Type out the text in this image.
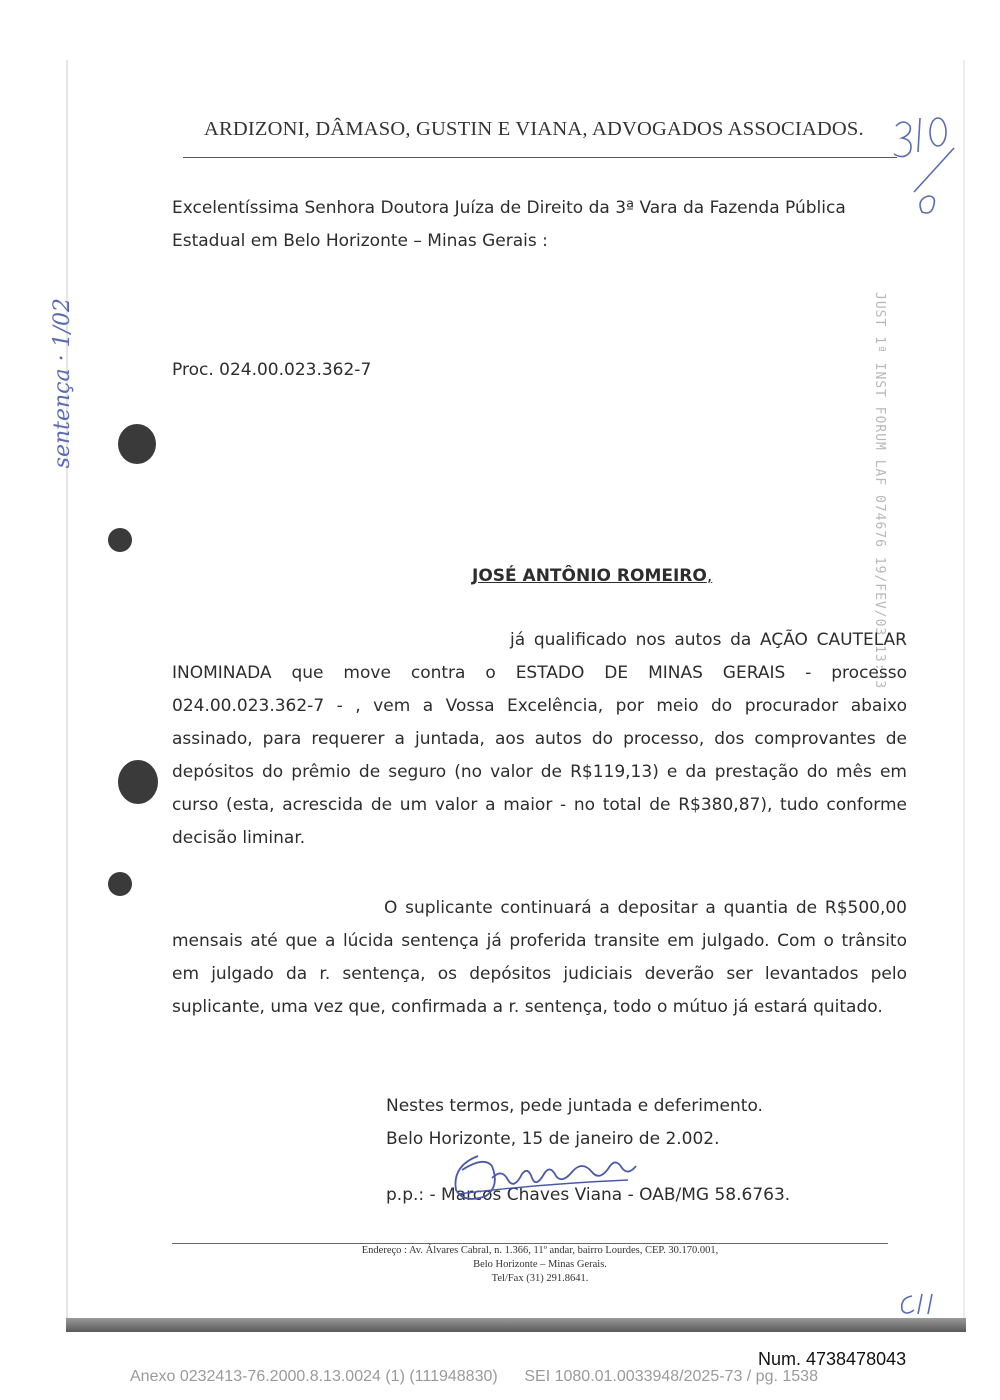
ARDIZONI, DÂMASO, GUSTIN E VIANA, ADVOGADOS ASSOCIADOS.
Excelentíssima Senhora Doutora Juíza de Direito da 3ª Vara da Fazenda Pública
Estadual em Belo Horizonte – Minas Gerais :
JUST 1ª INST FORUM LAF 074676 19/FEV/03 13:33
sentença · 1/02	Proc. 024.00.023.362-7
JOSÉ ANTÔNIO ROMEIRO,
já qualificado nos autos da AÇÃO CAUTELAR INOMINADA que move contra o ESTADO DE MINAS GERAIS - processo 024.00.023.362-7 - , vem a Vossa Excelência, por meio do procurador abaixo assinado, para requerer a juntada, aos autos do processo, dos comprovantes de depósitos do prêmio de seguro (no valor de R$119,13) e da prestação do mês em curso (esta, acrescida de um valor a maior - no total de R$380,87), tudo conforme decisão liminar.
O suplicante continuará a depositar a quantia de R$500,00 mensais até que a lúcida sentença já proferida transite em julgado. Com o trânsito em julgado da r. sentença, os depósitos judiciais deverão ser levantados pelo suplicante, uma vez que, confirmada a r. sentença, todo o mútuo já estará quitado.
Nestes termos, pede juntada e deferimento.
Belo Horizonte, 15 de janeiro de 2.002.
p.p.: - Marcos Chaves Viana - OAB/MG 58.6763.
Endereço : Av. Álvares Cabral, n. 1.366, 11º andar, bairro Lourdes, CEP. 30.170.001,
Belo Horizonte – Minas Gerais.
Tel/Fax (31) 291.8641.
Num. 4738478043
Anexo 0232413-76.2000.8.13.0024 (1) (111948830)      SEI 1080.01.0033948/2025-73 / pg. 1538
